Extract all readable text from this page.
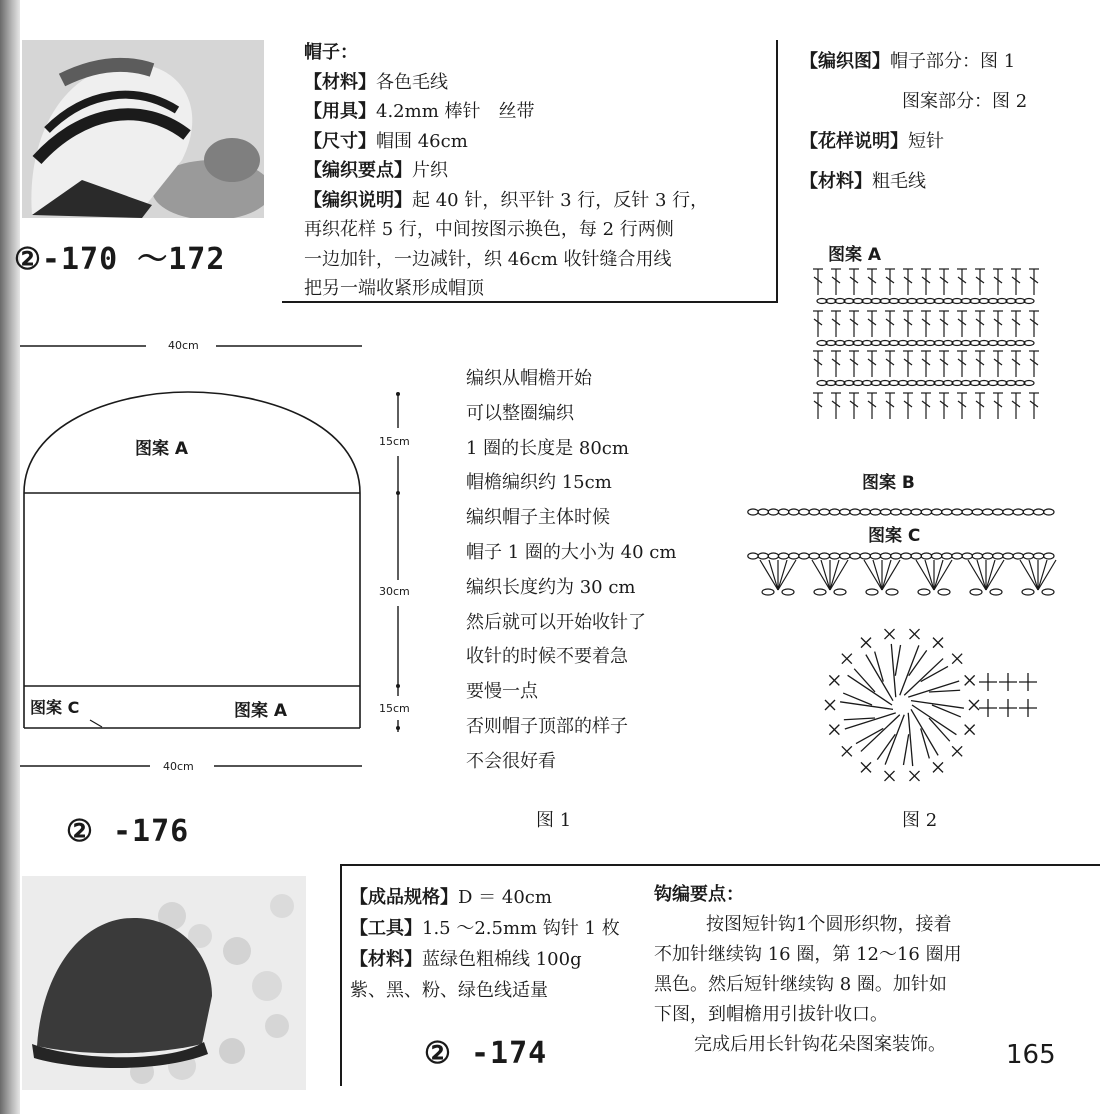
②-170 ～172
帽子：
【材料】各色毛线
【用具】4.2mm 棒针　丝带
【尺寸】帽围 46cm
【编织要点】片织
【编织说明】起 40 针，织平针 3 行，反针 3 行，
再织花样 5 行，中间按图示换色，每 2 行两侧
一边加针，一边减针，织 46cm 收针缝合用线
把另一端收紧形成帽顶
【编织图】帽子部分：图 1
图案部分：图 2
【花样说明】短针
【材料】粗毛线
40cm
图案 A	15cm
30cm
15cm
图案 C	图案 A
40cm
图 1
编织从帽檐开始
可以整圈编织
1 圈的长度是 80cm
帽檐编织约 15cm
编织帽子主体时候
帽子 1 圈的大小为 40 cm
编织长度约为 30 cm
然后就可以开始收针了
收针的时候不要着急
要慢一点
否则帽子顶部的样子
不会很好看
图案 A
图案 B
图案 C
图 2
② -176
【成品规格】D ＝ 40cm
【工具】1.5 ～2.5mm 钩针 1 枚
【材料】蓝绿色粗棉线 100g
紫、黑、粉、绿色线适量
钩编要点：
按图短针钩1个圆形织物，接着
不加针继续钩 16 圈，第 12～16 圈用
黑色。然后短针继续钩 8 圈。加针如
下图，到帽檐用引拔针收口。
完成后用长针钩花朵图案装饰。
② -174	165
